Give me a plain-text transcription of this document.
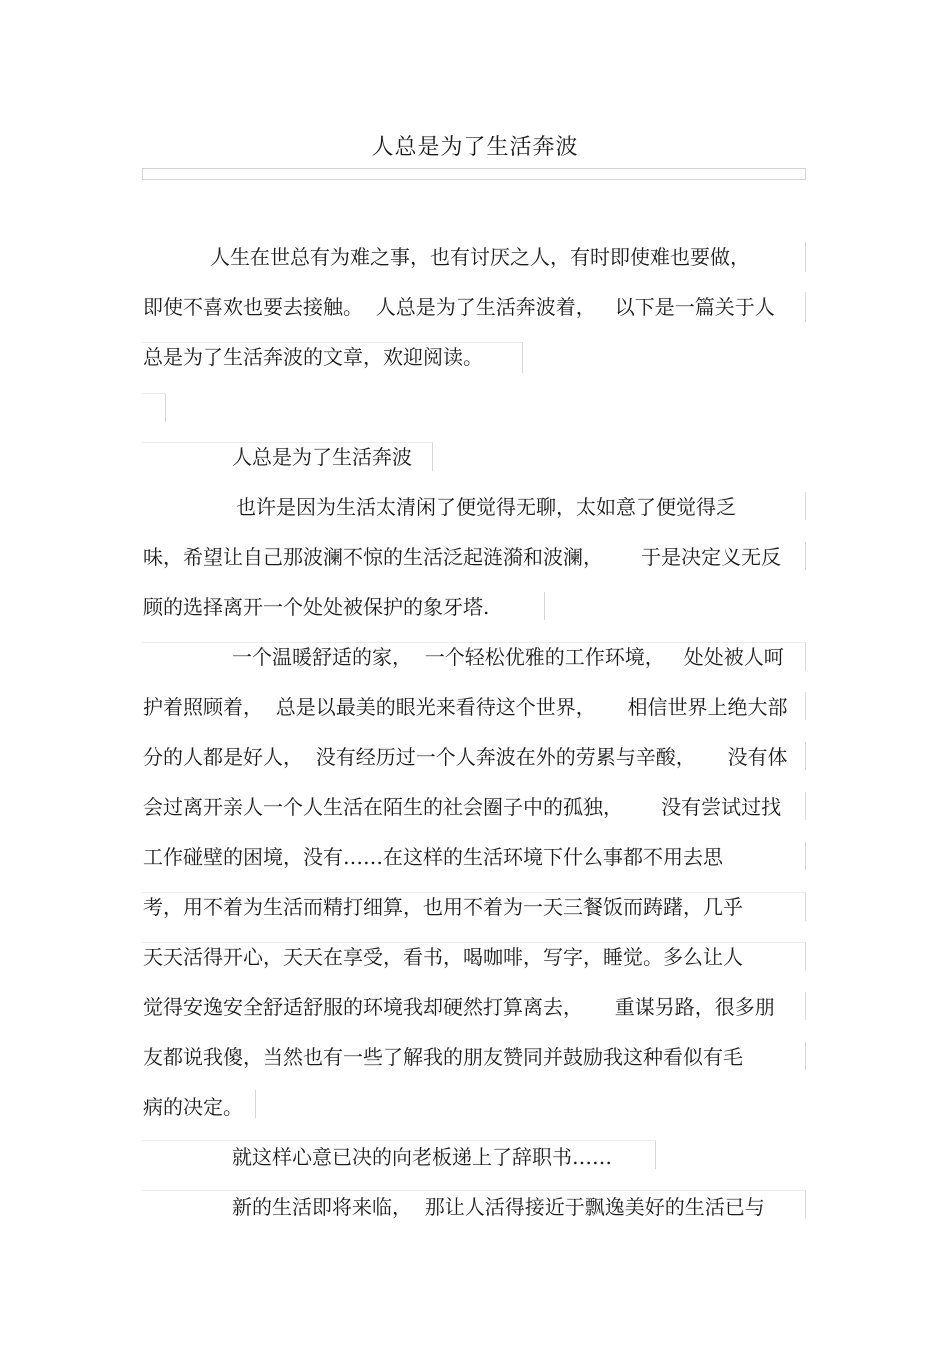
人总是为了生活奔波
人生在世总有为难之事，也有讨厌之人，有时即使难也要做，
即使不喜欢也要去接触。  人总是为了生活奔波着，   以下是一篇关于人
总是为了生活奔波的文章，欢迎阅读。
人总是为了生活奔波
也许是因为生活太清闲了便觉得无聊，太如意了便觉得乏
味，希望让自己那波澜不惊的生活泛起涟漪和波澜，      于是决定义无反
顾的选择离开一个处处被保护的象牙塔.
一个温暖舒适的家，  一个轻松优雅的工作环境，   处处被人呵
护着照顾着，  总是以最美的眼光来看待这个世界，     相信世界上绝大部
分的人都是好人，  没有经历过一个人奔波在外的劳累与辛酸，     没有体
会过离开亲人一个人生活在陌生的社会圈子中的孤独，      没有尝试过找
工作碰壁的困境，没有……在这样的生活环境下什么事都不用去思
考，用不着为生活而精打细算，也用不着为一天三餐饭而踌躇，几乎
天天活得开心，天天在享受，看书，喝咖啡，写字，睡觉。多么让人
觉得安逸安全舒适舒服的环境我却硬然打算离去，     重谋另路，很多朋
友都说我傻，当然也有一些了解我的朋友赞同并鼓励我这种看似有毛
病的决定。
就这样心意已决的向老板递上了辞职书……
新的生活即将来临，  那让人活得接近于飘逸美好的生活已与
